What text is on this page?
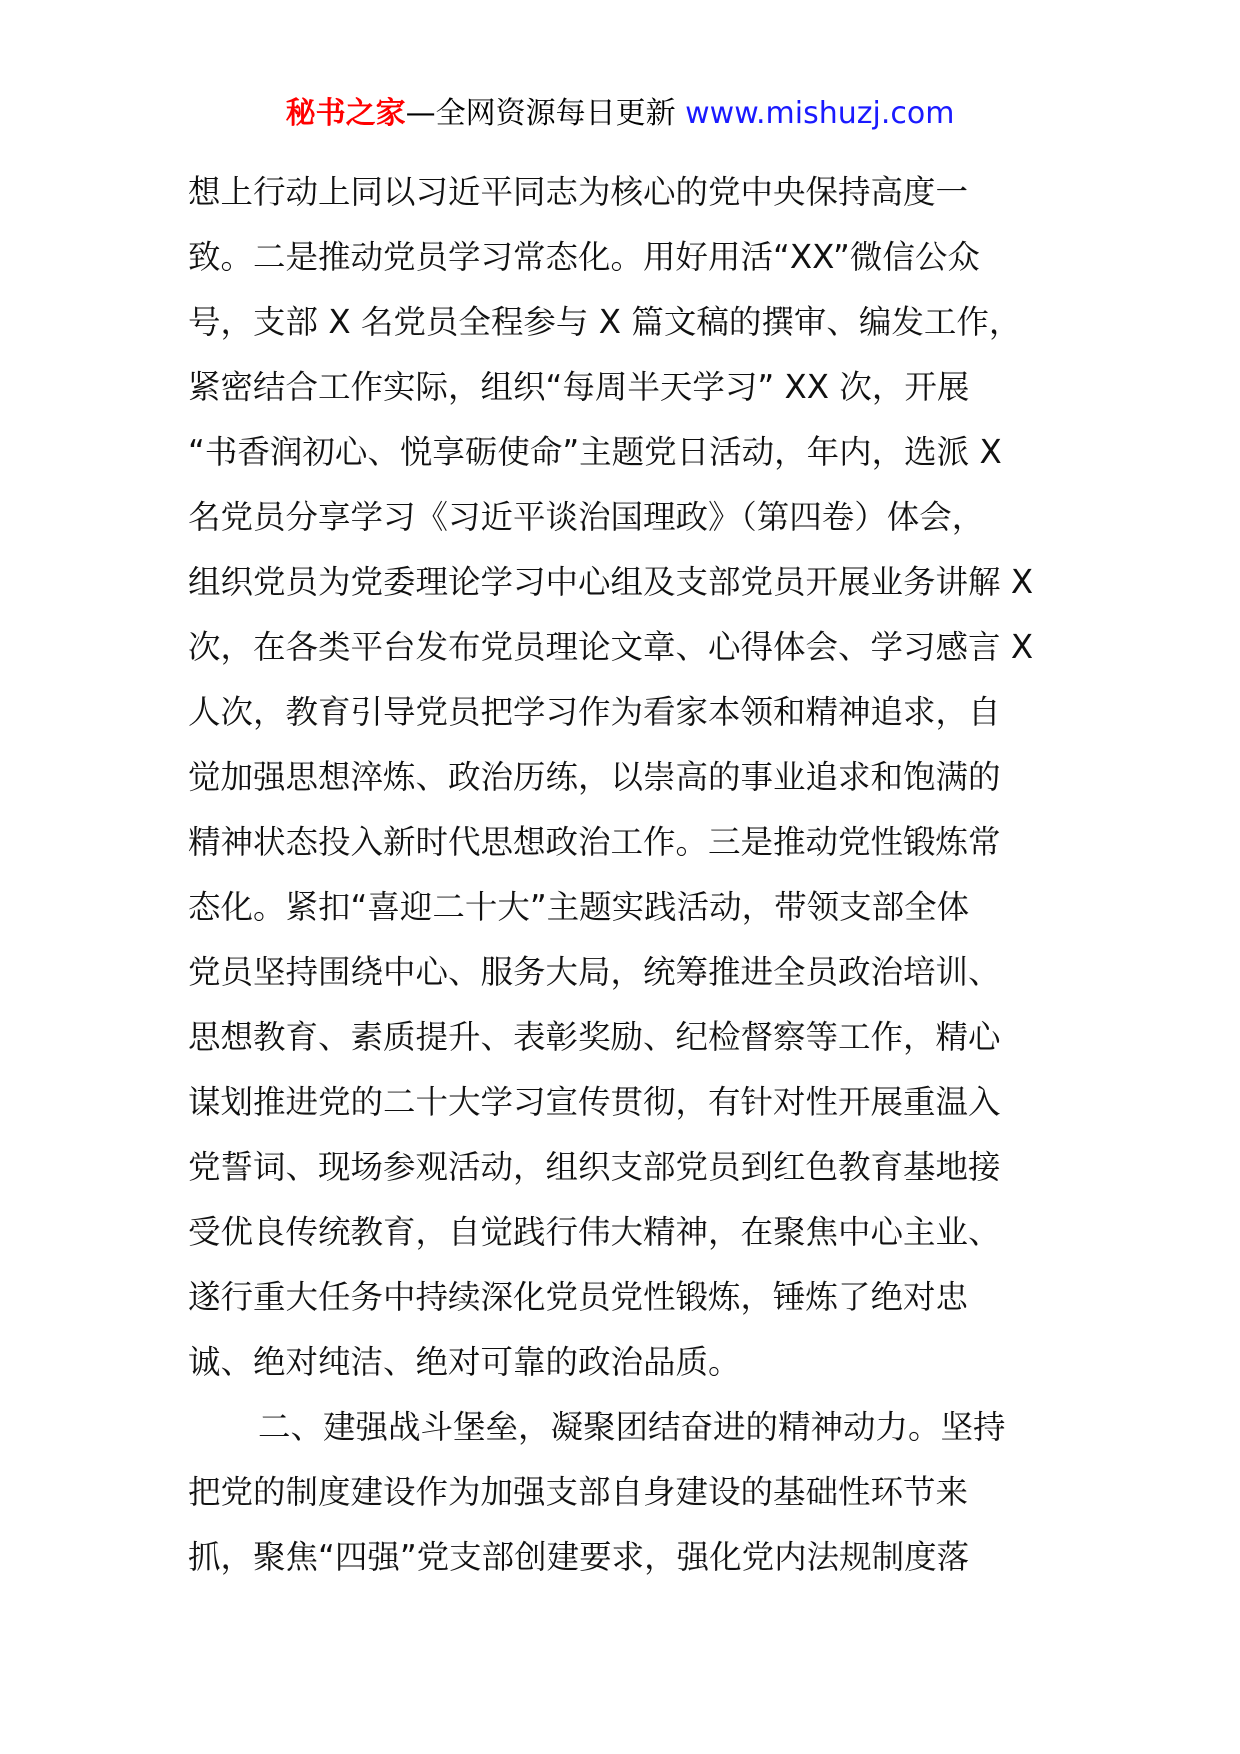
秘书之家—全网资源每日更新 www.mishuzj.com
想上行动上同以习近平同志为核心的党中央保持高度一
致。二是推动党员学习常态化。用好用活“XX”微信公众
号，支部 X 名党员全程参与 X 篇文稿的撰审、编发工作，
紧密结合工作实际，组织“每周半天学习” XX 次，开展
“书香润初心、悦享砺使命”主题党日活动，年内，选派 X
名党员分享学习《习近平谈治国理政》（第四卷）体会，
组织党员为党委理论学习中心组及支部党员开展业务讲解 X
次，在各类平台发布党员理论文章、心得体会、学习感言 X
人次，教育引导党员把学习作为看家本领和精神追求，自
觉加强思想淬炼、政治历练，以崇高的事业追求和饱满的
精神状态投入新时代思想政治工作。三是推动党性锻炼常
态化。紧扣“喜迎二十大”主题实践活动，带领支部全体
党员坚持围绕中心、服务大局，统筹推进全员政治培训、
思想教育、素质提升、表彰奖励、纪检督察等工作，精心
谋划推进党的二十大学习宣传贯彻，有针对性开展重温入
党誓词、现场参观活动，组织支部党员到红色教育基地接
受优良传统教育，自觉践行伟大精神，在聚焦中心主业、
遂行重大任务中持续深化党员党性锻炼，锤炼了绝对忠
诚、绝对纯洁、绝对可靠的政治品质。
二、建强战斗堡垒，凝聚团结奋进的精神动力。坚持
把党的制度建设作为加强支部自身建设的基础性环节来
抓，聚焦“四强”党支部创建要求，强化党内法规制度落
